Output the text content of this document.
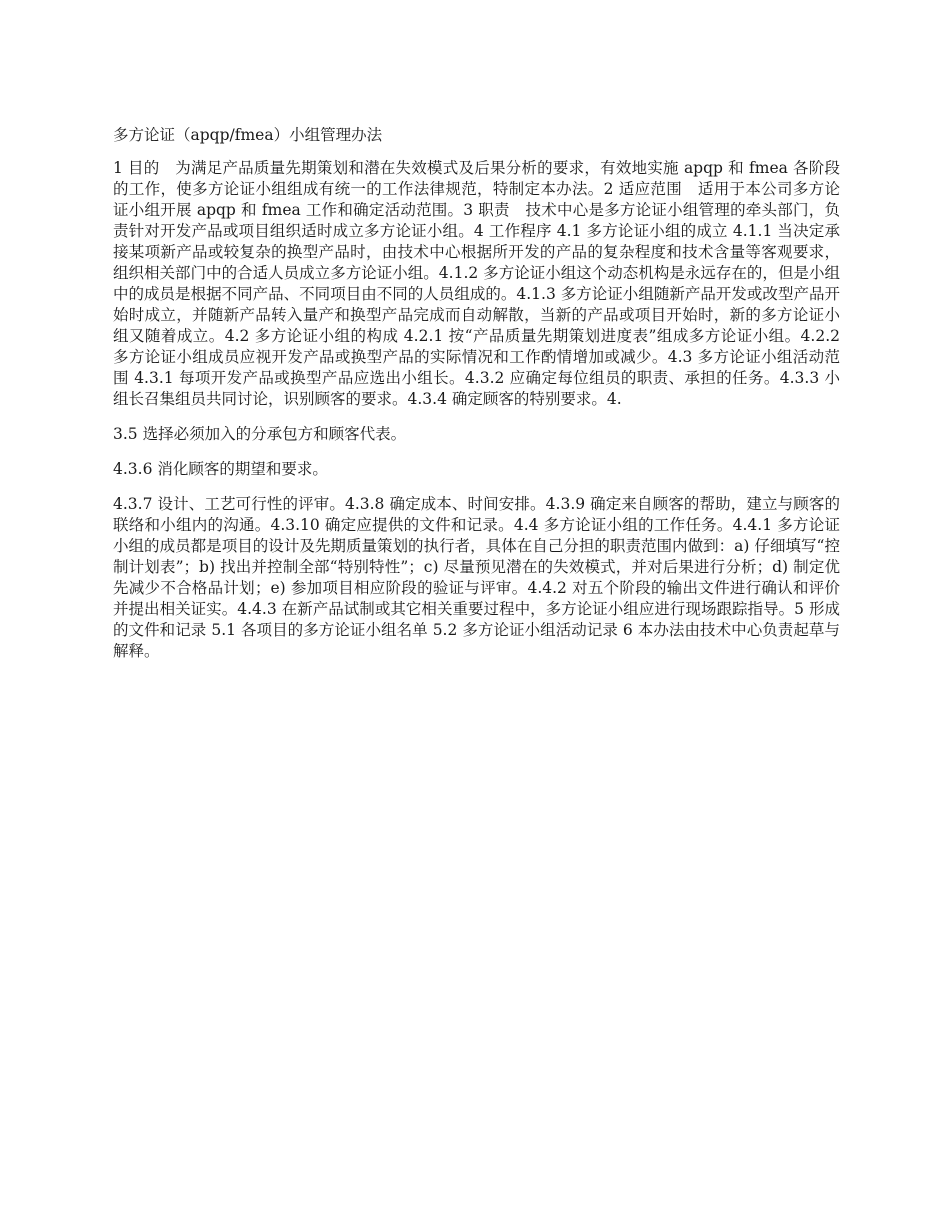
多方论证（apqp/fmea）小组管理办法

1 目的　为满足产品质量先期策划和潜在失效模式及后果分析的要求，有效地实施 apqp 和 fmea 各阶段的工作，使多方论证小组组成有统一的工作法律规范，特制定本办法。2 适应范围　适用于本公司多方论证小组开展 apqp 和 fmea 工作和确定活动范围。3 职责　技术中心是多方论证小组管理的牵头部门，负责针对开发产品或项目组织适时成立多方论证小组。4 工作程序 4.1 多方论证小组的成立 4.1.1 当决定承接某项新产品或较复杂的换型产品时，由技术中心根据所开发的产品的复杂程度和技术含量等客观要求，组织相关部门中的合适人员成立多方论证小组。4.1.2 多方论证小组这个动态机构是永远存在的，但是小组中的成员是根据不同产品、不同项目由不同的人员组成的。4.1.3 多方论证小组随新产品开发或改型产品开始时成立，并随新产品转入量产和换型产品完成而自动解散，当新的产品或项目开始时，新的多方论证小组又随着成立。4.2 多方论证小组的构成 4.2.1 按“产品质量先期策划进度表”组成多方论证小组。4.2.2 多方论证小组成员应视开发产品或换型产品的实际情况和工作酌情增加或减少。4.3 多方论证小组活动范围 4.3.1 每项开发产品或换型产品应选出小组长。4.3.2 应确定每位组员的职责、承担的任务。4.3.3 小组长召集组员共同讨论，识别顾客的要求。4.3.4 确定顾客的特别要求。4.

3.5 选择必须加入的分承包方和顾客代表。

4.3.6 消化顾客的期望和要求。

4.3.7 设计、工艺可行性的评审。4.3.8 确定成本、时间安排。4.3.9 确定来自顾客的帮助，建立与顾客的联络和小组内的沟通。4.3.10 确定应提供的文件和记录。4.4 多方论证小组的工作任务。4.4.1 多方论证小组的成员都是项目的设计及先期质量策划的执行者，具体在自己分担的职责范围内做到：a) 仔细填写“控制计划表”；b) 找出并控制全部“特别特性”；c) 尽量预见潜在的失效模式，并对后果进行分析；d) 制定优先减少不合格品计划；e) 参加项目相应阶段的验证与评审。4.4.2 对五个阶段的输出文件进行确认和评价并提出相关证实。4.4.3 在新产品试制或其它相关重要过程中，多方论证小组应进行现场跟踪指导。5 形成的文件和记录 5.1 各项目的多方论证小组名单 5.2 多方论证小组活动记录 6 本办法由技术中心负责起草与解释。
